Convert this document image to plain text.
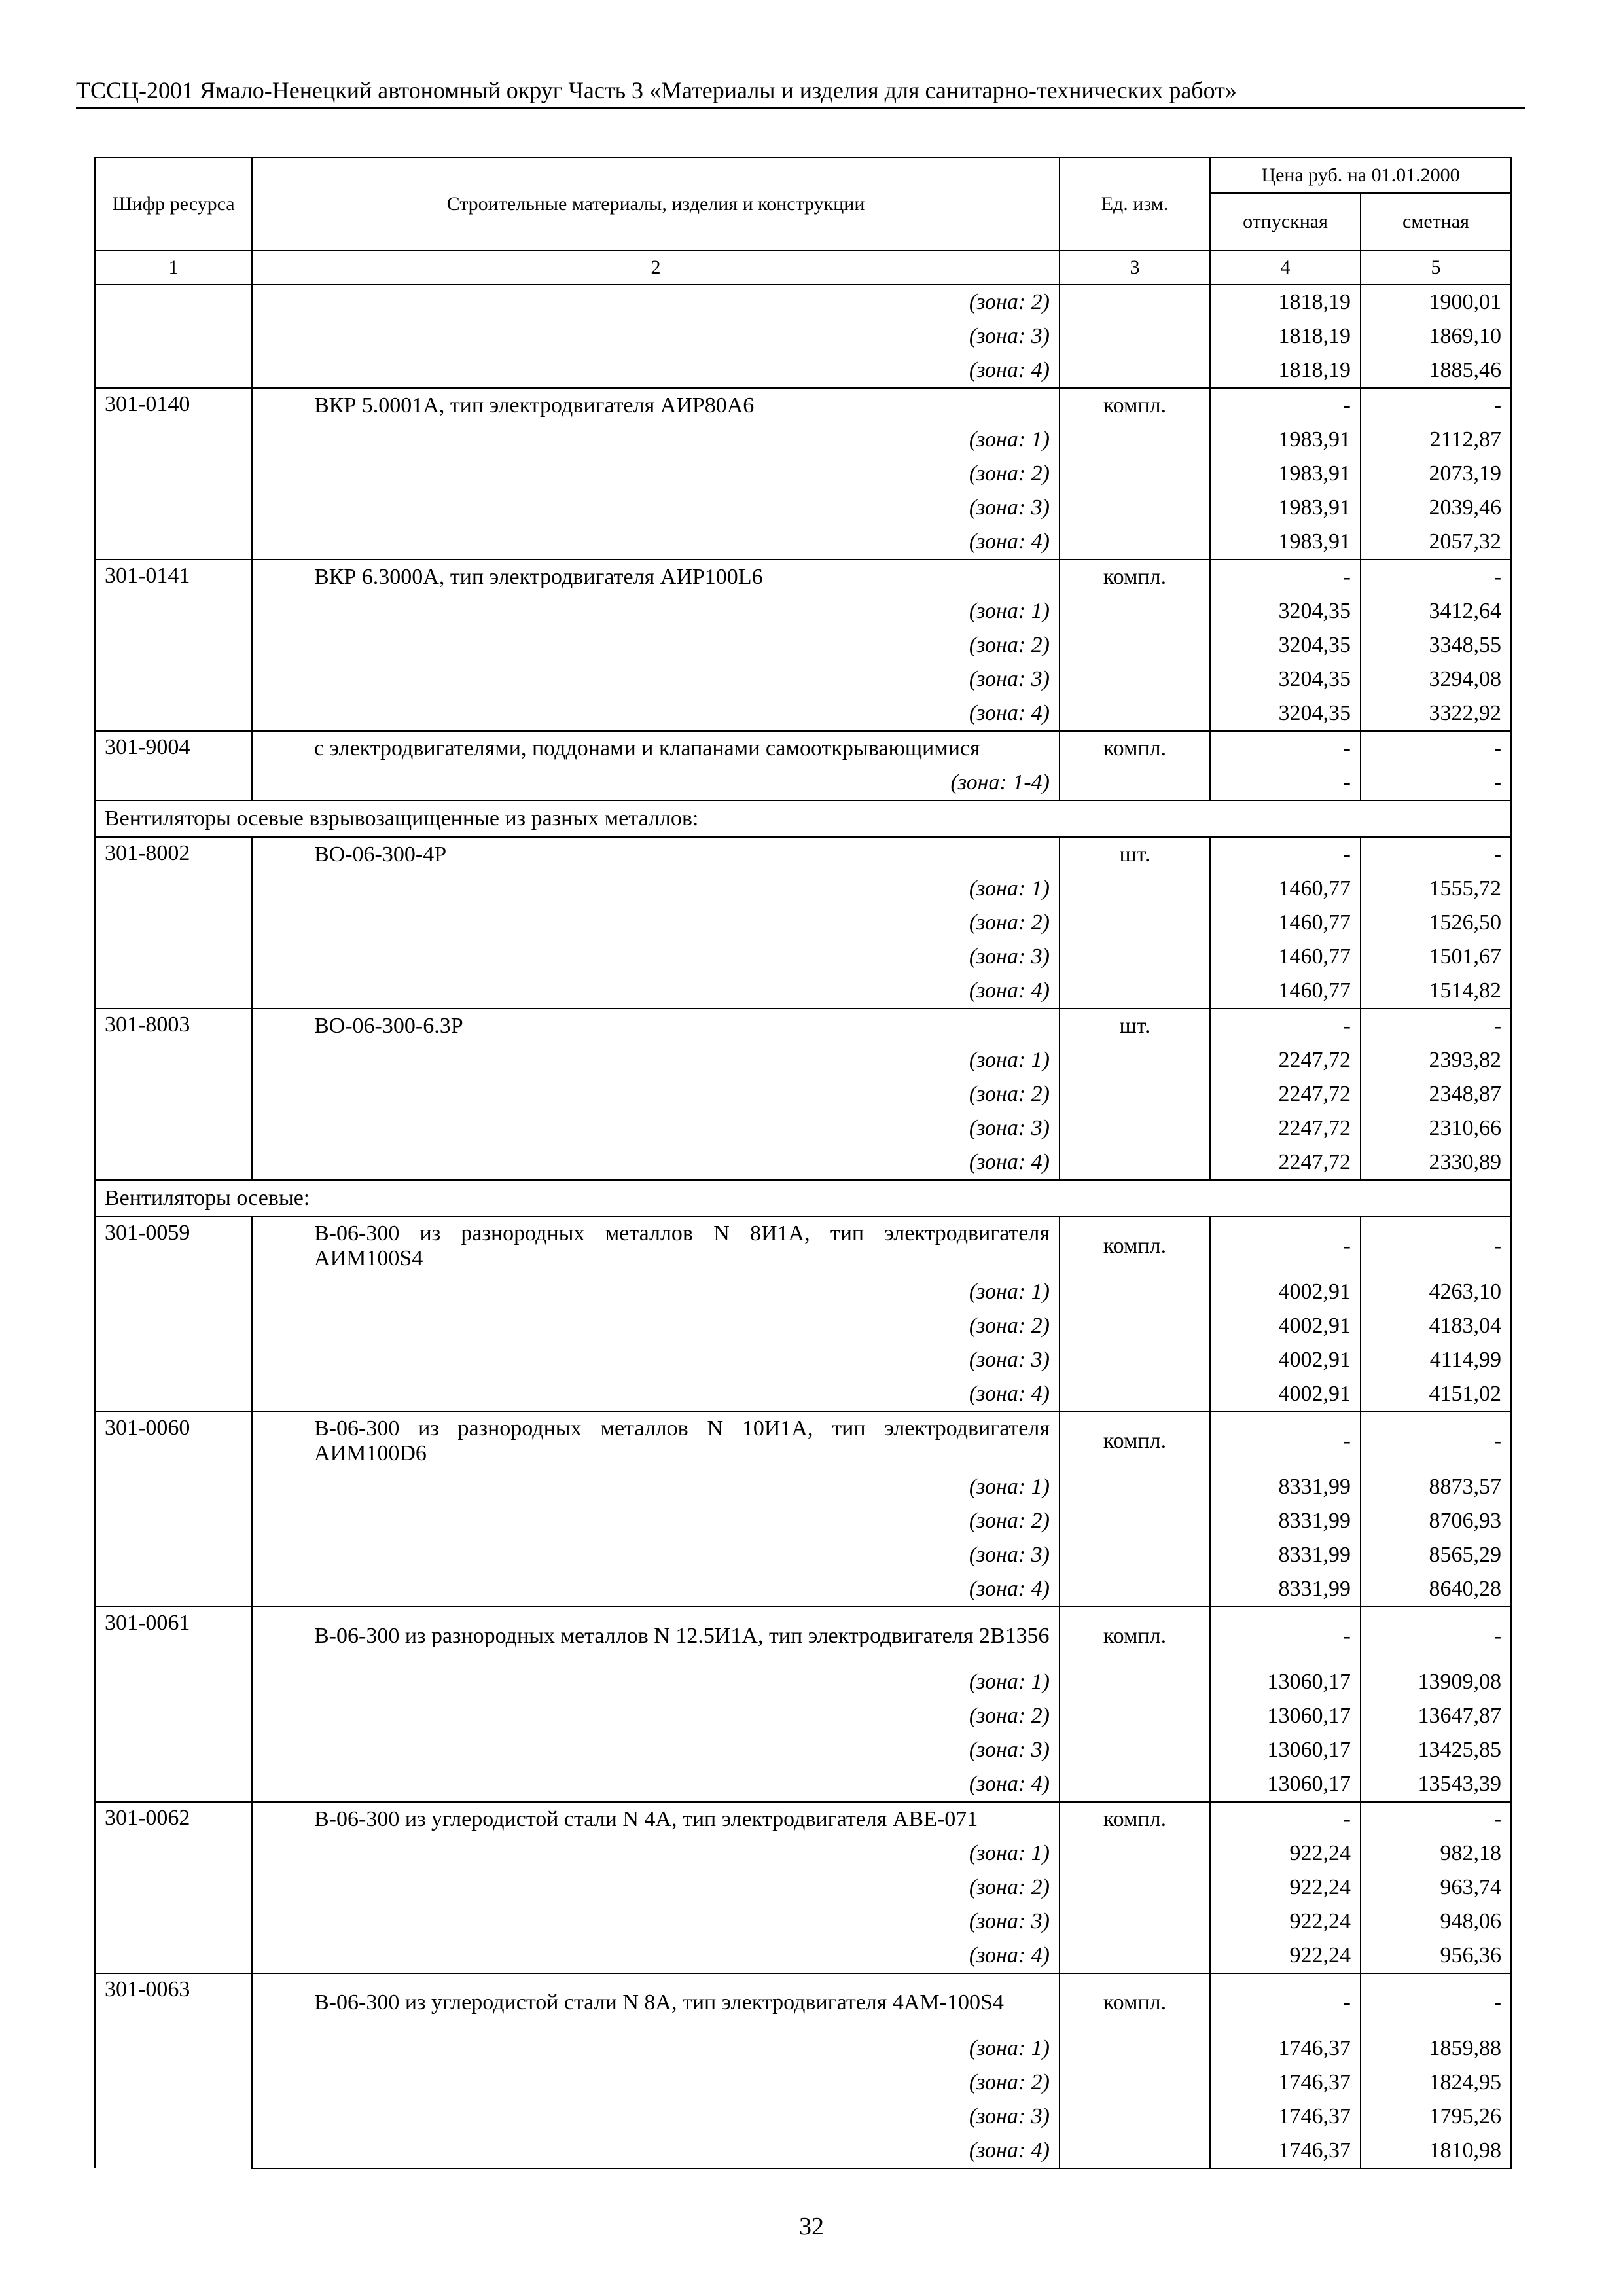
ТССЦ-2001 Ямало-Ненецкий автономный округ Часть 3 «Материалы и изделия для санитарно-технических работ»
Шифр ресурса	Строительные материалы, изделия и конструкции	Ед. изм.	Цена руб. на 01.01.2000	
			отпускная	сметная
1	2	3	4	5
	(зона: 2)		1818,19	1900,01
	(зона: 3)		1818,19	1869,10
	(зона: 4)		1818,19	1885,46
301-0140	ВКР 5.0001А, тип электродвигателя АИР80А6	компл.	-	-
	(зона: 1)		1983,91	2112,87
	(зона: 2)		1983,91	2073,19
	(зона: 3)		1983,91	2039,46
	(зона: 4)		1983,91	2057,32
301-0141	ВКР 6.3000А, тип электродвигателя АИР100L6	компл.	-	-
	(зона: 1)		3204,35	3412,64
	(зона: 2)		3204,35	3348,55
	(зона: 3)		3204,35	3294,08
	(зона: 4)		3204,35	3322,92
301-9004	с электродвигателями, поддонами и клапанами самооткрывающимися	компл.	-	-
	(зона: 1-4)		-	-
Вентиляторы осевые взрывозащищенные из разных металлов:				
301-8002	ВО-06-300-4Р	шт.	-	-
	(зона: 1)		1460,77	1555,72
	(зона: 2)		1460,77	1526,50
	(зона: 3)		1460,77	1501,67
	(зона: 4)		1460,77	1514,82
301-8003	ВО-06-300-6.3Р	шт.	-	-
	(зона: 1)		2247,72	2393,82
	(зона: 2)		2247,72	2348,87
	(зона: 3)		2247,72	2310,66
	(зона: 4)		2247,72	2330,89
Вентиляторы осевые:				
301-0059	В-06-300 из разнородных металлов N 8И1А, тип электродвигателя АИМ100S4	компл.	-	-
	(зона: 1)		4002,91	4263,10
	(зона: 2)		4002,91	4183,04
	(зона: 3)		4002,91	4114,99
	(зона: 4)		4002,91	4151,02
301-0060	В-06-300 из разнородных металлов N 10И1А, тип электродвигателя АИМ100D6	компл.	-	-
	(зона: 1)		8331,99	8873,57
	(зона: 2)		8331,99	8706,93
	(зона: 3)		8331,99	8565,29
	(зона: 4)		8331,99	8640,28
301-0061	В-06-300 из разнородных металлов N 12.5И1А, тип электродвигателя 2В1356	компл.	-	-
	(зона: 1)		13060,17	13909,08
	(зона: 2)		13060,17	13647,87
	(зона: 3)		13060,17	13425,85
	(зона: 4)		13060,17	13543,39
301-0062	В-06-300 из углеродистой стали N 4А, тип электродвигателя АВЕ-071	компл.	-	-
	(зона: 1)		922,24	982,18
	(зона: 2)		922,24	963,74
	(зона: 3)		922,24	948,06
	(зона: 4)		922,24	956,36
301-0063	В-06-300 из углеродистой стали N 8А, тип электродвигателя 4АМ-100S4	компл.	-	-
	(зона: 1)		1746,37	1859,88
	(зона: 2)		1746,37	1824,95
	(зона: 3)		1746,37	1795,26
	(зона: 4)		1746,37	1810,98
32
